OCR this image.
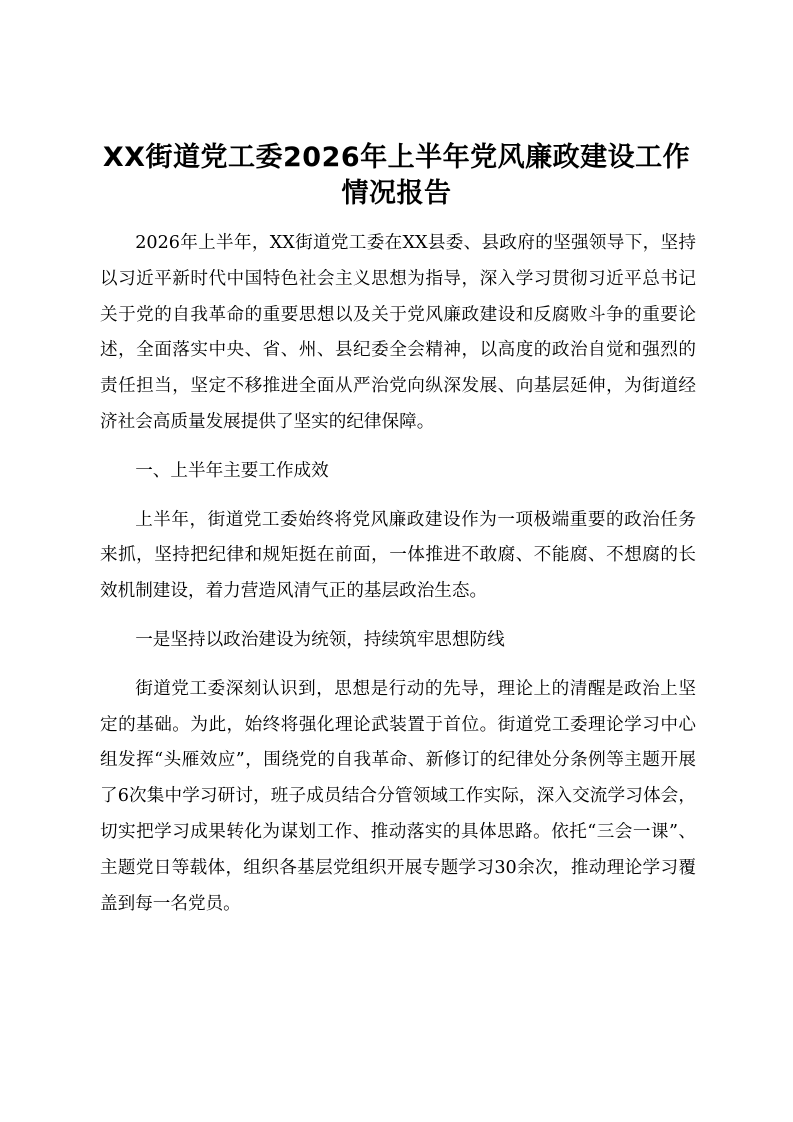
XX街道党工委2026年上半年党风廉政建设工作情况报告

2026年上半年，XX街道党工委在XX县委、县政府的坚强领导下，坚持以习近平新时代中国特色社会主义思想为指导，深入学习贯彻习近平总书记关于党的自我革命的重要思想以及关于党风廉政建设和反腐败斗争的重要论述，全面落实中央、省、州、县纪委全会精神，以高度的政治自觉和强烈的责任担当，坚定不移推进全面从严治党向纵深发展、向基层延伸，为街道经济社会高质量发展提供了坚实的纪律保障。

一、上半年主要工作成效

上半年，街道党工委始终将党风廉政建设作为一项极端重要的政治任务来抓，坚持把纪律和规矩挺在前面，一体推进不敢腐、不能腐、不想腐的长效机制建设，着力营造风清气正的基层政治生态。

一是坚持以政治建设为统领，持续筑牢思想防线

街道党工委深刻认识到，思想是行动的先导，理论上的清醒是政治上坚定的基础。为此，始终将强化理论武装置于首位。街道党工委理论学习中心组发挥“头雁效应”，围绕党的自我革命、新修订的纪律处分条例等主题开展了6次集中学习研讨，班子成员结合分管领域工作实际，深入交流学习体会，切实把学习成果转化为谋划工作、推动落实的具体思路。依托“三会一课”、主题党日等载体，组织各基层党组织开展专题学习30余次，推动理论学习覆盖到每一名党员。
